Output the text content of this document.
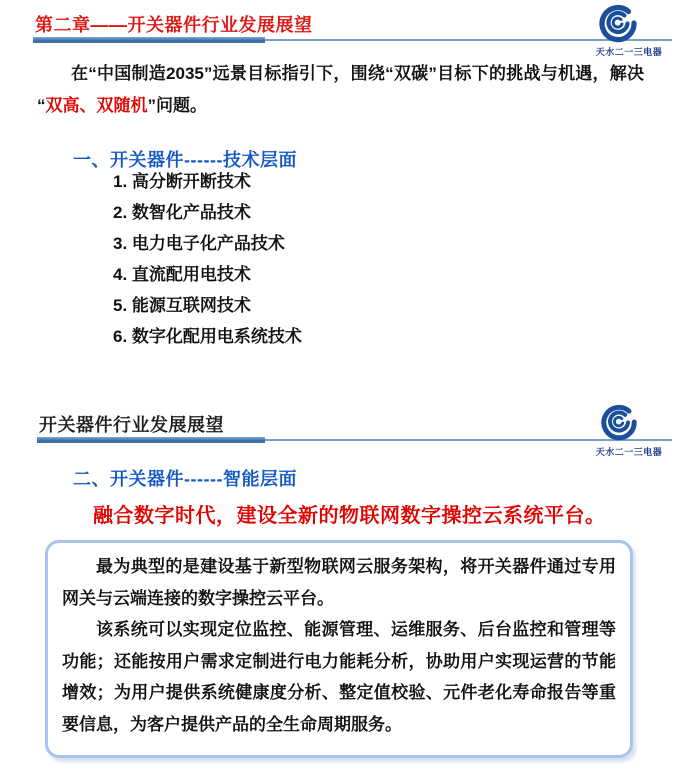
第二章——开关器件行业发展展望
天水二一三电器
在“中国制造2035”远景目标指引下，围绕“双碳”目标下的挑战与机遇，解决“双高、双随机”问题。
一、开关器件------技术层面
1. 高分断开断技术
2. 数智化产品技术
3. 电力电子化产品技术
4. 直流配用电技术
5. 能源互联网技术
6. 数字化配用电系统技术
开关器件行业发展展望
天水二一三电器
二、开关器件------智能层面
融合数字时代，建设全新的物联网数字操控云系统平台。

最为典型的是建设基于新型物联网云服务架构，将开关器件通过专用网关与云端连接的数字操控云平台。

该系统可以实现定位监控、能源管理、运维服务、后台监控和管理等功能；还能按用户需求定制进行电力能耗分析，协助用户实现运营的节能增效；为用户提供系统健康度分析、整定值校验、元件老化寿命报告等重要信息，为客户提供产品的全生命周期服务。
